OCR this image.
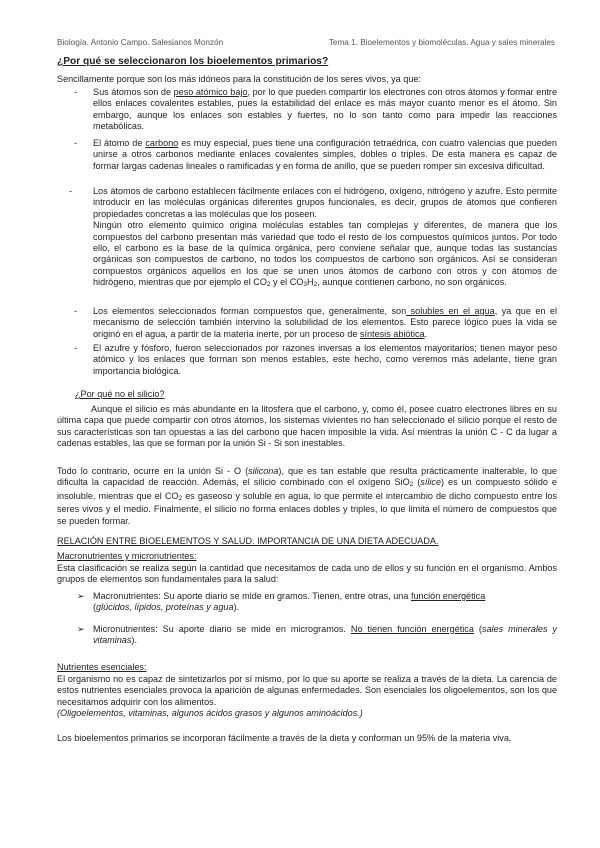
Biología. Antonio Campo. Salesianos Monzón	Tema 1. Bioelementos y biomoléculas. Agua y sales minerales
¿Por qué se seleccionaron los bioelementos primarios?
Sencillamente porque son los más idóneos para la constitución de los seres vivos, ya que:
- Sus átomos son de peso atómico bajo, por lo que pueden compartir los electrones con otros átomos y formar entre ellos enlaces covalentes estables, pues la estabilidad del enlace es más mayor cuanto menor es el átomo. Sin embargo, aunque los enlaces son estables y fuertes, no lo son tanto como para impedir las reacciones metabólicas.
- El átomo de carbono es muy especial, pues tiene una configuración tetraédrica, con cuatro valencias que pueden unirse a otros carbonos mediante enlaces covalentes simples, dobles o triples. De esta manera es capaz de formar largas cadenas lineales o ramificadas y en forma de anillo, que se pueden romper sin excesiva dificultad.
- Los átomos de carbono establecen fácilmente enlaces con el hidrógeno, oxígeno, nitrógeno y azufre. Esto permite introducir en las moléculas orgánicas diferentes grupos funcionales, es decir, grupos de átomos que confieren propiedades concretas a las moléculas que los poseen.
Ningún otro elemento químico origina moléculas estables tan complejas y diferentes, de manera que los compuestos del carbono presentan más variedad que todo el resto de los compuestos químicos juntos. Por todo ello, el carbono es la base de la química orgánica, pero conviene señalar que, aunque todas las sustancias orgánicas son compuestos de carbono, no todos los compuestos de carbono son orgánicos. Así se consideran compuestos orgánicos aquellos en los que se unen unos átomos de carbono con otros y con átomos de hidrógeno, mientras que por ejemplo el CO2 y el CO3H2, aunque contienen carbono, no son orgánicos.
- Los elementos seleccionados forman compuestos que, generalmente, son solubles en el agua, ya que en el mecanismo de selección también intervino la solubilidad de los elementos. Esto parece lógico pues la vida se originó en el agua, a partir de la materia inerte, por un proceso de síntesis abiótica.
- El azufre y fósforo, fueron seleccionados por razones inversas a los elementos mayoritarios; tienen mayor peso atómico y los enlaces que forman son menos estables, este hecho, como veremos más adelante, tiene gran importancia biológica.
¿Por qué no el silicio?
Aunque el silicio es más abundante en la litosfera que el carbono, y, como él, posee cuatro electrones libres en su última capa que puede compartir con otros átomos, los sistemas vivientes no han seleccionado el silicio porque el resto de sus características son tan opuestas a las del carbono que hacen imposible la vida. Así mientras la unión C - C da lugar a cadenas estables, las que se forman por la unión Si - Si son inestables.
Todo lo contrario, ocurre en la unión Si - O (silicona), que es tan estable que resulta prácticamente inalterable, lo que dificulta la capacidad de reacción. Además, el silicio combinado con el oxígeno SiO2 (sílice) es un compuesto sólido e insoluble, mientras que el CO2 es gaseoso y soluble en agua, lo que permite el intercambio de dicho compuesto entre los seres vivos y el medio. Finalmente, el silicio no forma enlaces dobles y triples, lo que limita el número de compuestos que se pueden formar.
RELACIÓN ENTRE BIOELEMENTOS Y SALUD. IMPORTANCIA DE UNA DIETA ADECUADA.
Macronutrientes y micronutrientes:
Esta clasificación se realiza según la cantidad que necesitamos de cada uno de ellos y su función en el organismo. Ambos grupos de elementos son fundamentales para la salud:
➢ Macronutrientes: Su aporte diario se mide en gramos. Tienen, entre otras, una función energética
(glúcidos, lípidos, proteínas y agua).
➢ Micronutrientes: Su aporte diario se mide en microgramos. No tienen función energética (sales minerales y vitaminas).
Nutrientes esenciales:
El organismo no es capaz de sintetizarlos por sí mismo, por lo que su aporte se realiza a través de la dieta. La carencia de estos nutrientes esenciales provoca la aparición de algunas enfermedades. Son esenciales los oligoelementos, son los que necesitamos adquirir con los alimentos.
(Oligoelementos, vitaminas, algunos ácidos grasos y algunos aminoácidos.)
Los bioelementos primarios se incorporan fácilmente a través de la dieta y conforman un 95% de la materia viva.
